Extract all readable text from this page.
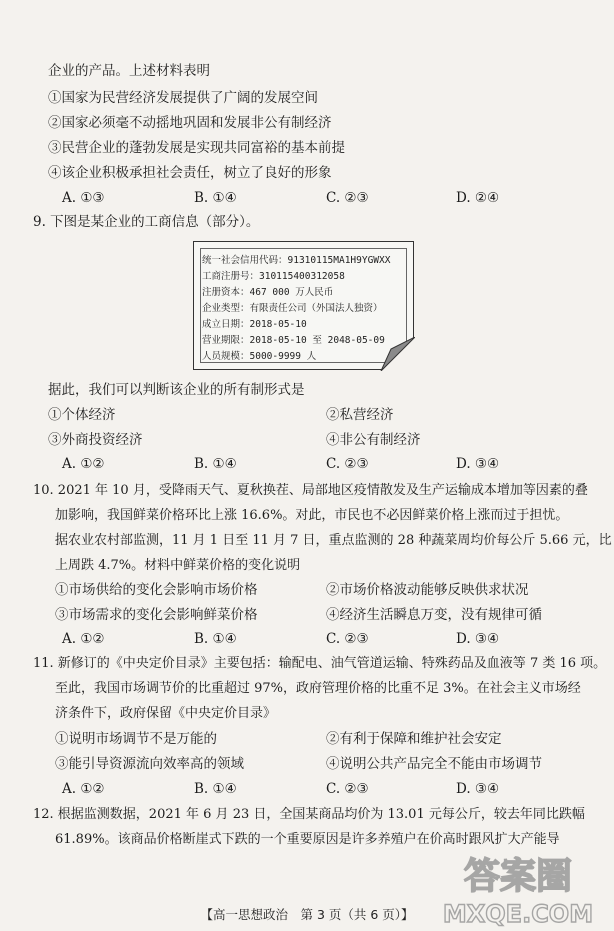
企业的产品。上述材料表明
①国家为民营经济发展提供了广阔的发展空间
②国家必须毫不动摇地巩固和发展非公有制经济
③民营企业的蓬勃发展是实现共同富裕的基本前提
④该企业积极承担社会责任，树立了良好的形象
A. ①③	B. ①④	C. ②③	D. ②④
9. 下图是某企业的工商信息（部分）。
统一社会信用代码：91310115MA1H9YGWXX
工商注册号：310115400312058
注册资本：467 000 万人民币
企业类型：有限责任公司（外国法人独资）
成立日期：2018-05-10
营业期限：2018-05-10 至 2048-05-09
人员规模：5000-9999 人
据此，我们可以判断该企业的所有制形式是
①个体经济	②私营经济
③外商投资经济	④非公有制经济
A. ①②	B. ①④	C. ②③	D. ③④
10. 2021 年 10 月，受降雨天气、夏秋换茬、局部地区疫情散发及生产运输成本增加等因素的叠
加影响，我国鲜菜价格环比上涨 16.6%。对此，市民也不必因鲜菜价格上涨而过于担忧。
据农业农村部监测，11 月 1 日至 11 月 7 日，重点监测的 28 种蔬菜周均价每公斤 5.66 元，比
上周跌 4.7%。材料中鲜菜价格的变化说明
①市场供给的变化会影响市场价格	②市场价格波动能够反映供求状况
③市场需求的变化会影响鲜菜价格	④经济生活瞬息万变，没有规律可循
A. ①②	B. ①④	C. ②③	D. ③④
11. 新修订的《中央定价目录》主要包括：输配电、油气管道运输、特殊药品及血液等 7 类 16 项。
至此，我国市场调节价的比重超过 97%，政府管理价格的比重不足 3%。在社会主义市场经
济条件下，政府保留《中央定价目录》
①说明市场调节不是万能的	②有利于保障和维护社会安定
③能引导资源流向效率高的领域	④说明公共产品完全不能由市场调节
A. ①②	B. ①④	C. ②③	D. ③④
12. 根据监测数据，2021 年 6 月 23 日，全国某商品均价为 13.01 元每公斤，较去年同比跌幅
61.89%。该商品价格断崖式下跌的一个重要原因是许多养殖户在价高时跟风扩大产能导
【高一思想政治　第 3 页（共 6 页）】
答案圈
MXQE.COM
